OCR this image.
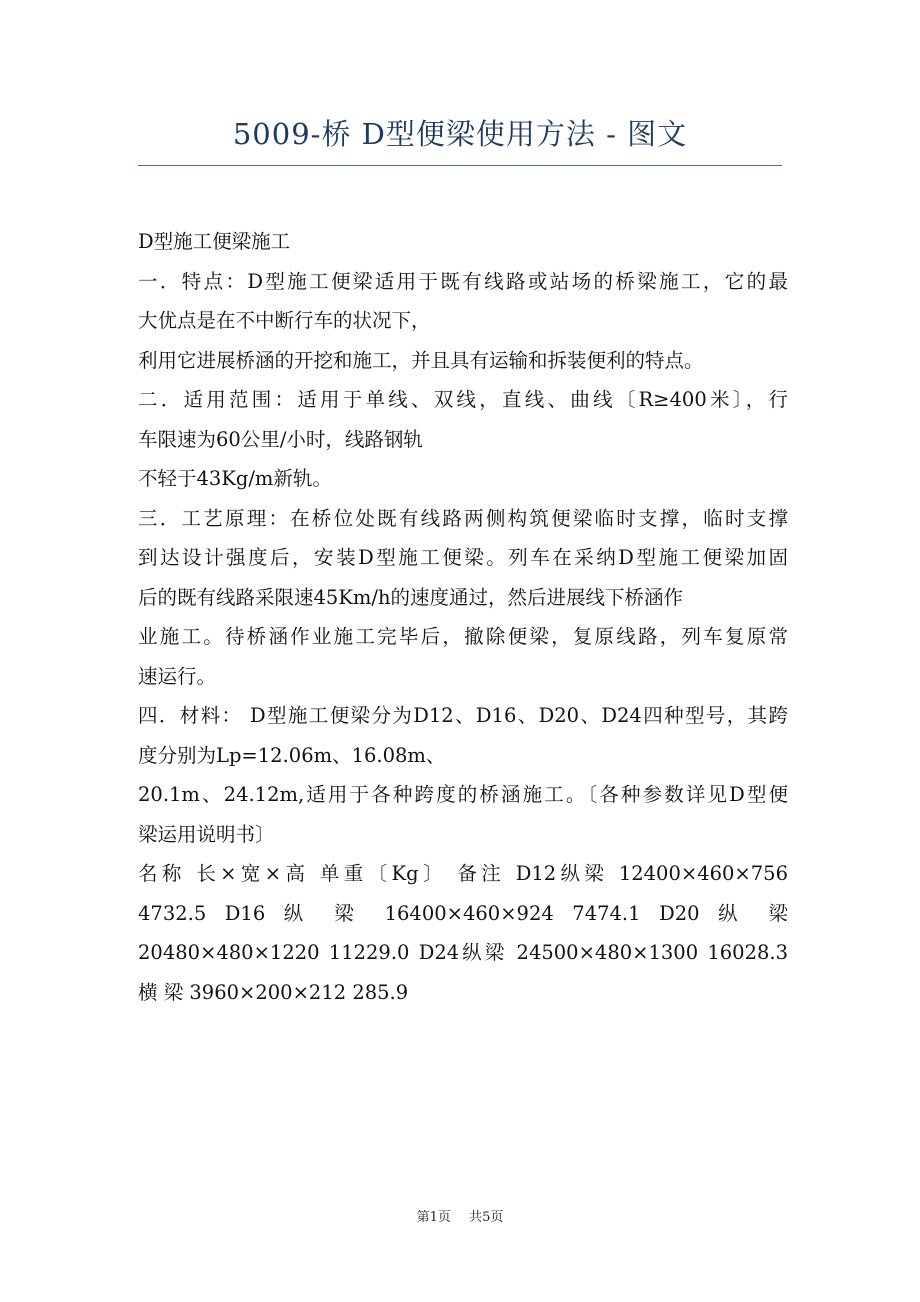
5009-桥 D型便梁使用方法 - 图文
D型施工便梁施工
一．特点：D型施工便梁适用于既有线路或站场的桥梁施工，它的最
大优点是在不中断行车的状况下，
利用它进展桥涵的开挖和施工，并且具有运输和拆装便利的特点。
二．适用范围：适用于单线、双线，直线、曲线〔R≥400米〕，行
车限速为60公里/小时，线路钢轨
不轻于43Kg/m新轨。
三．工艺原理：在桥位处既有线路两侧构筑便梁临时支撑，临时支撑
到达设计强度后，安装D型施工便梁。列车在采纳D型施工便梁加固
后的既有线路采限速45Km/h的速度通过，然后进展线下桥涵作
业施工。待桥涵作业施工完毕后，撤除便梁，复原线路，列车复原常
速运行。
四．材料： D型施工便梁分为D12、D16、D20、D24四种型号，其跨
度分别为Lp=12.06m、16.08m、
20.1m、24.12m,适用于各种跨度的桥涵施工。〔各种参数详见D型便
梁运用说明书〕
名称 长×宽×高 单重〔Kg〕 备注 D12纵梁 12400×460×756
4732.5 D16 纵 梁 16400×460×924 7474.1 D20 纵 梁
20480×480×1220 11229.0 D24纵梁 24500×480×1300 16028.3
横 梁 3960×200×212 285.9
第1页 共5页
